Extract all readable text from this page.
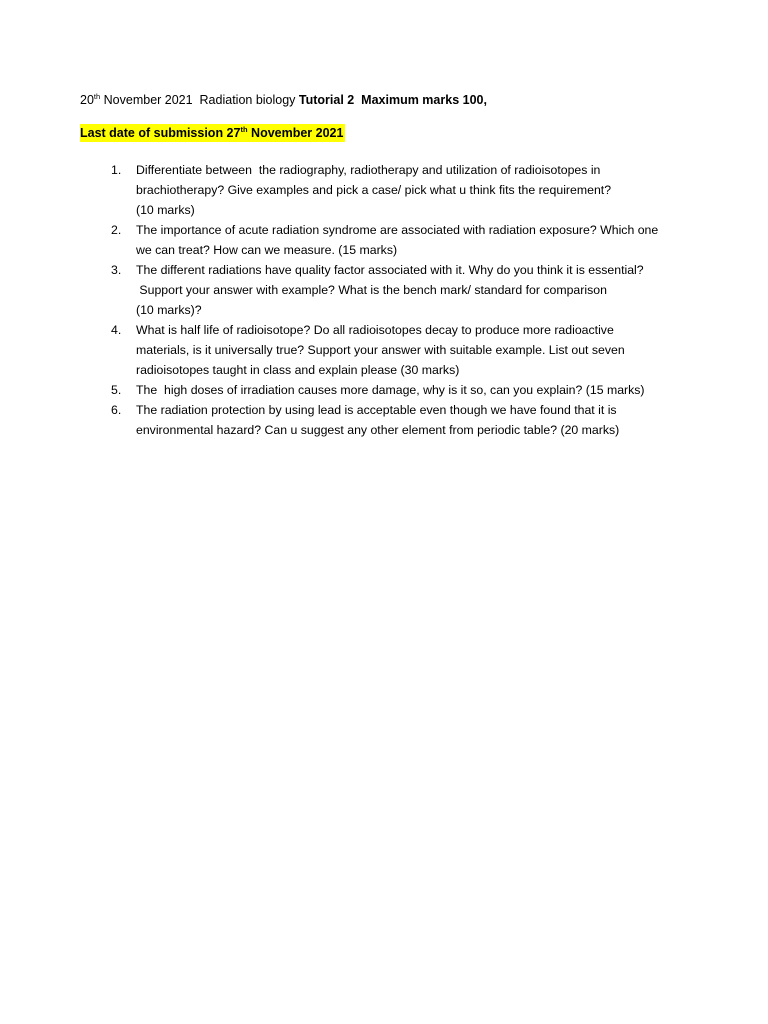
20th November 2021  Radiation biology Tutorial 2  Maximum marks 100,
Last date of submission 27th November 2021
1.	Differentiate between  the radiography, radiotherapy and utilization of radioisotopes in
brachiotherapy? Give examples and pick a case/ pick what u think fits the requirement?
(10 marks)
2.	The importance of acute radiation syndrome are associated with radiation exposure? Which one
we can treat? How can we measure. (15 marks)
3.	The different radiations have quality factor associated with it. Why do you think it is essential?
Support your answer with example? What is the bench mark/ standard for comparison
(10 marks)?
4.	What is half life of radioisotope? Do all radioisotopes decay to produce more radioactive
materials, is it universally true? Support your answer with suitable example. List out seven
radioisotopes taught in class and explain please (30 marks)
5.	The  high doses of irradiation causes more damage, why is it so, can you explain? (15 marks)
6.	The radiation protection by using lead is acceptable even though we have found that it is
environmental hazard? Can u suggest any other element from periodic table? (20 marks)
